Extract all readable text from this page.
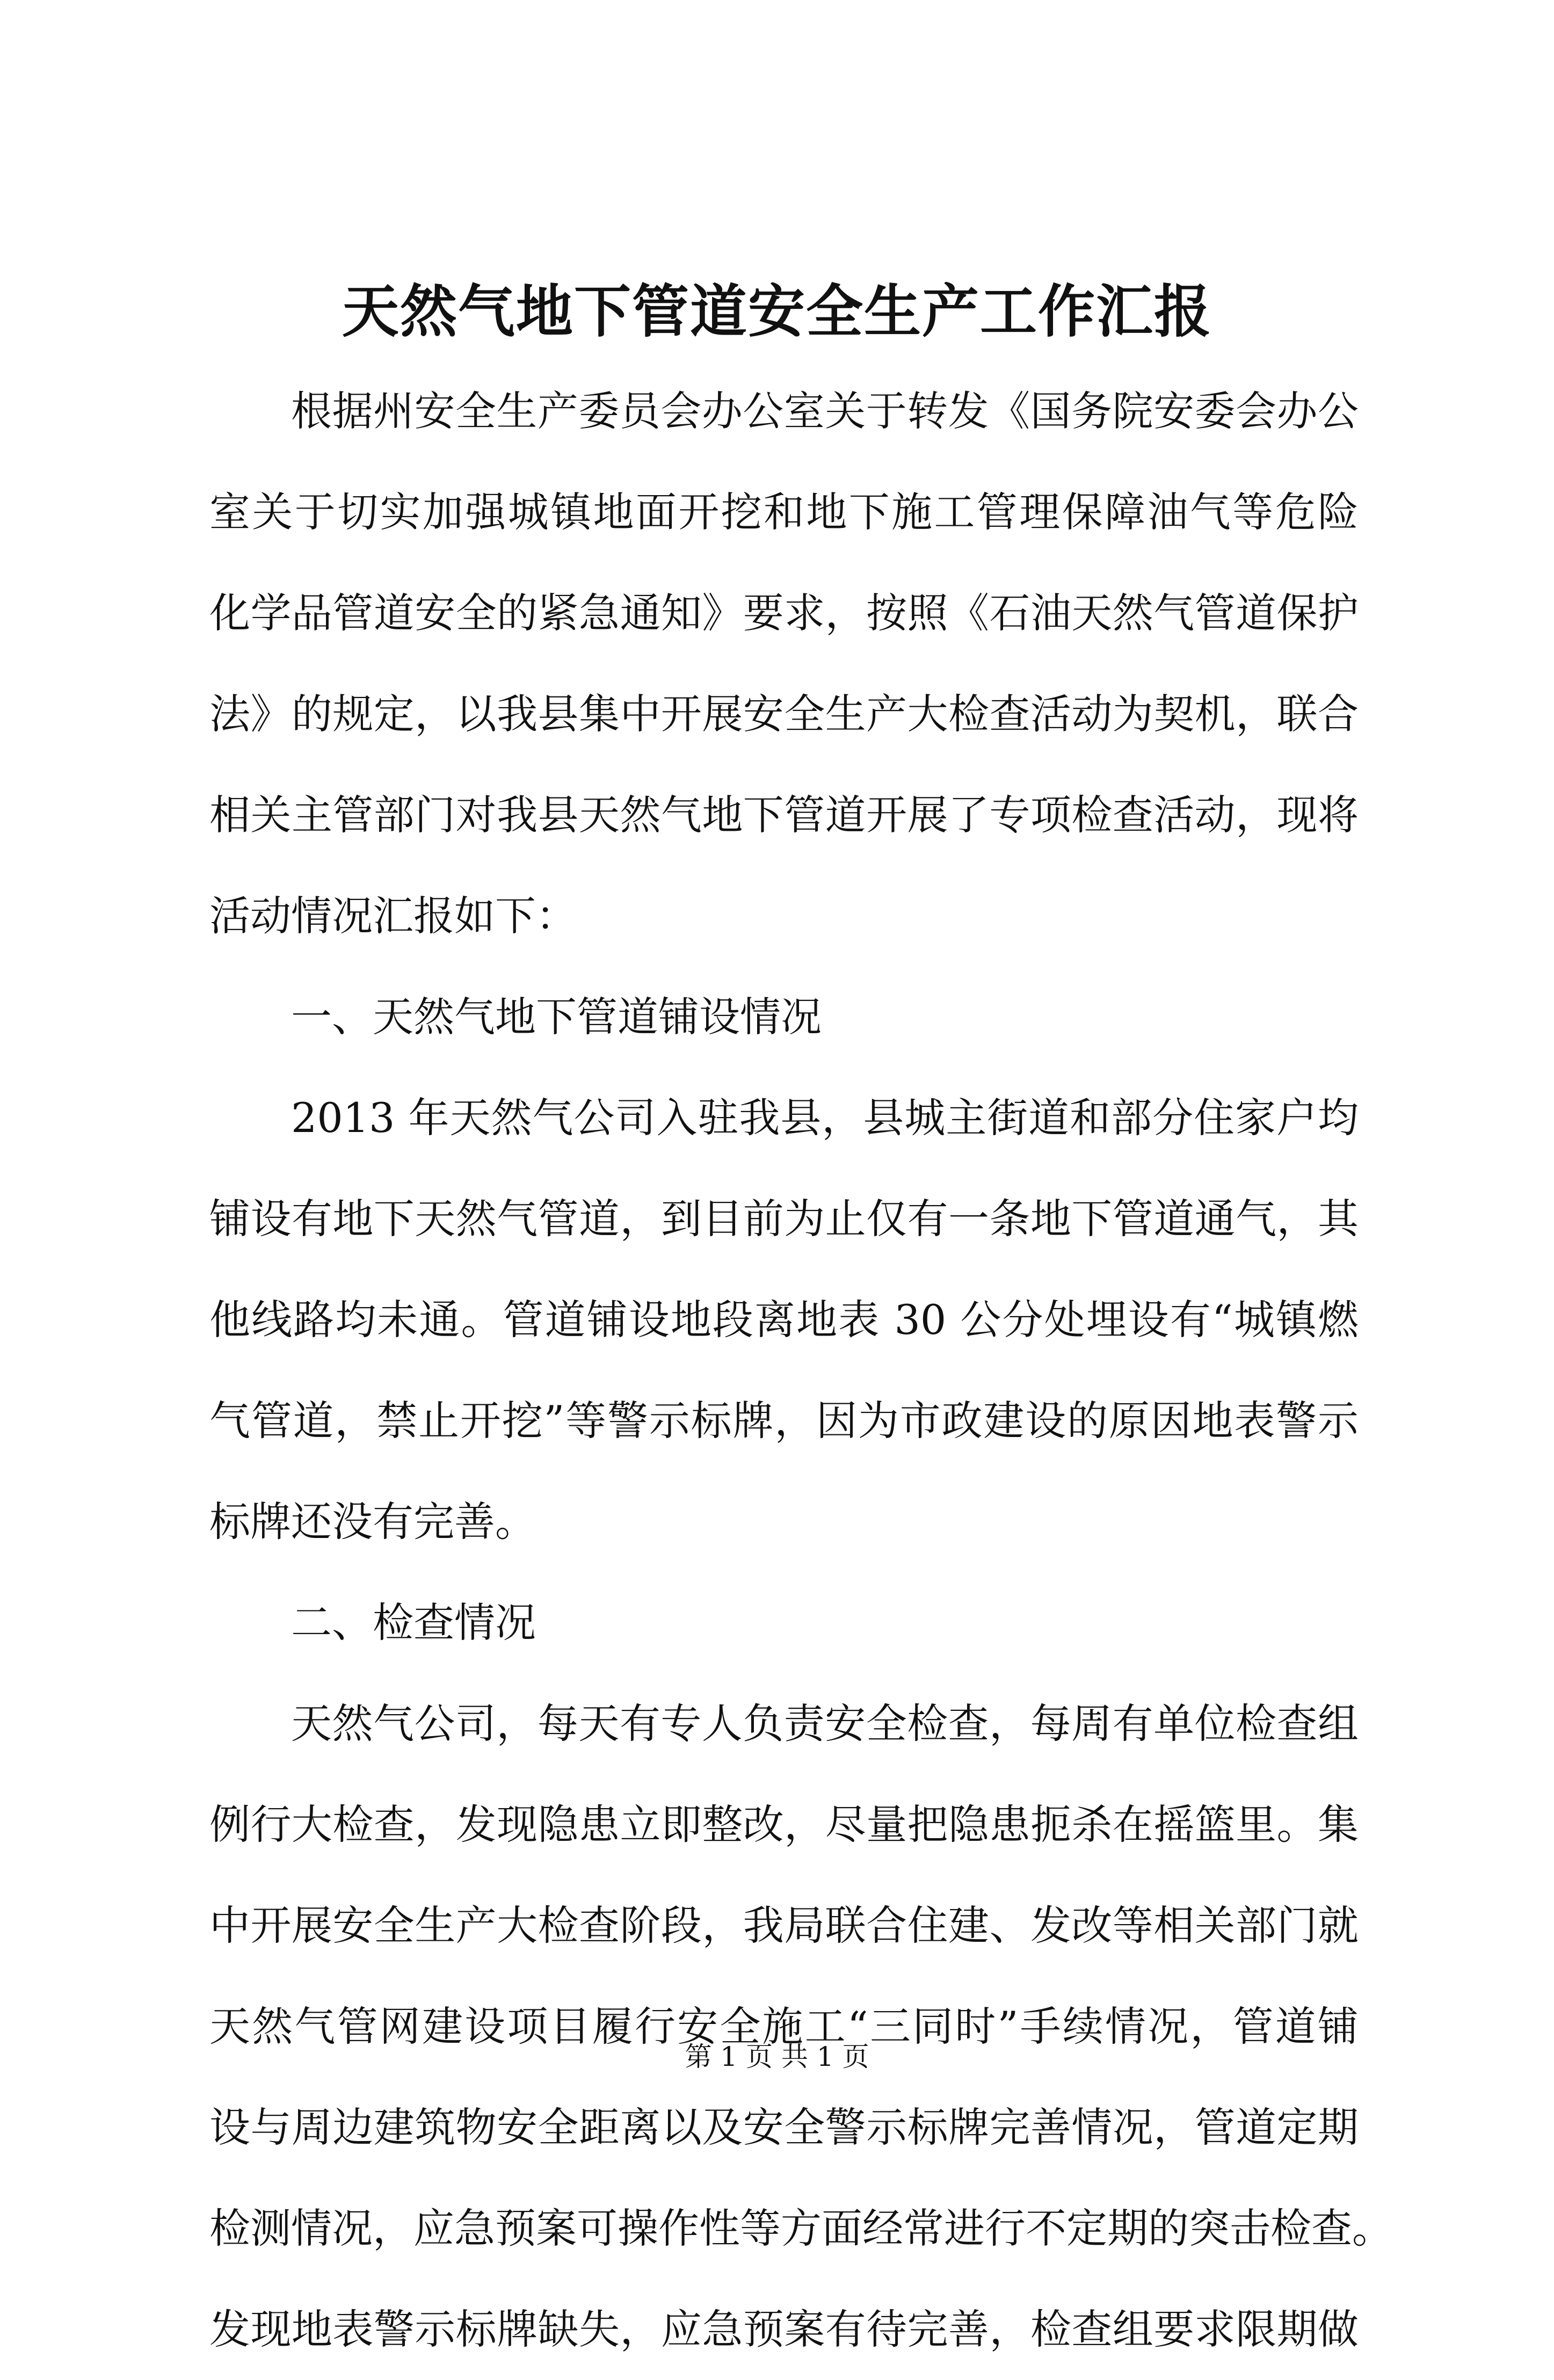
天然气地下管道安全生产工作汇报
根据州安全生产委员会办公室关于转发《国务院安委会办公
室关于切实加强城镇地面开挖和地下施工管理保障油气等危险
化学品管道安全的紧急通知》要求，按照《石油天然气管道保护
法》的规定，以我县集中开展安全生产大检查活动为契机，联合
相关主管部门对我县天然气地下管道开展了专项检查活动，现将
活动情况汇报如下：
一、天然气地下管道铺设情况
2013 年天然气公司入驻我县，县城主街道和部分住家户均
铺设有地下天然气管道，到目前为止仅有一条地下管道通气，其
他线路均未通。管道铺设地段离地表 30 公分处埋设有“城镇燃
气管道，禁止开挖”等警示标牌，因为市政建设的原因地表警示
标牌还没有完善。
二、检查情况
天然气公司，每天有专人负责安全检查，每周有单位检查组
例行大检查，发现隐患立即整改，尽量把隐患扼杀在摇篮里。集
中开展安全生产大检查阶段，我局联合住建、发改等相关部门就
天然气管网建设项目履行安全施工“三同时”手续情况，管道铺
设与周边建筑物安全距离以及安全警示标牌完善情况，管道定期
检测情况，应急预案可操作性等方面经常进行不定期的突击检查。
发现地表警示标牌缺失，应急预案有待完善，检查组要求限期做
第 1 页 共 1 页
